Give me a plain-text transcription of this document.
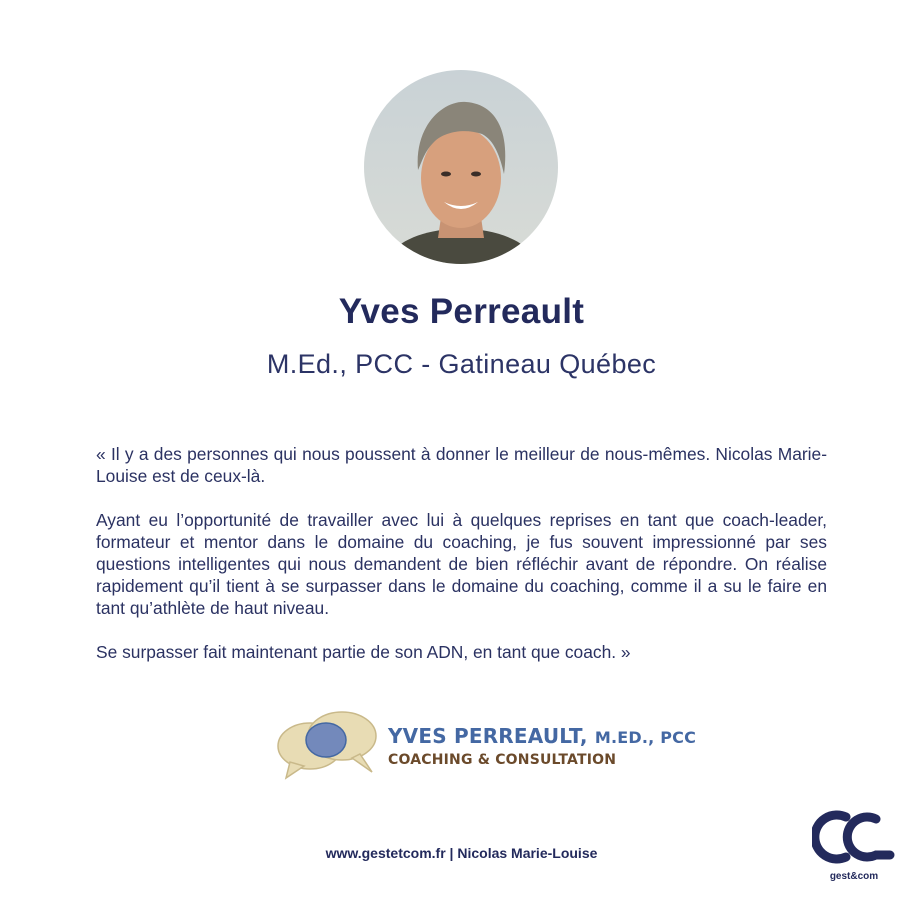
Yves Perreault
M.Ed., PCC - Gatineau Québec

« Il y a des personnes qui nous poussent à donner le meilleur de nous-mêmes. Nicolas Marie-Louise est de ceux-là.

Ayant eu l’opportunité de travailler avec lui à quelques reprises en tant que coach-leader, formateur et mentor dans le domaine du coaching, je fus souvent impressionné par ses questions intelligentes qui nous demandent de bien réfléchir avant de répondre. On réalise rapidement qu’il tient à se surpasser dans le domaine du coaching, comme il a su le faire en tant qu’athlète de haut niveau.

Se surpasser fait maintenant partie de son ADN, en tant que coach. »

YVES PERREAULT, M.ED., PCC
COACHING & CONSULTATION
www.gestetcom.fr | Nicolas Marie-Louise
gest&com
